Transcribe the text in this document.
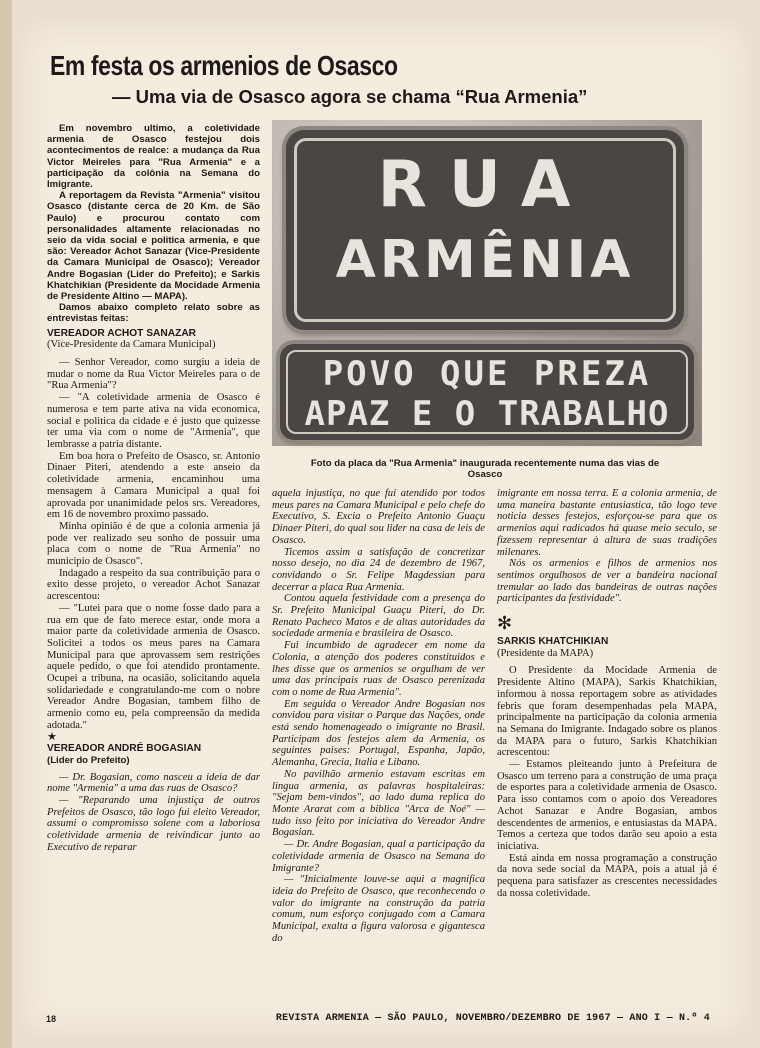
Em festa os armenios de Osasco
— Uma via de Osasco agora se chama “Rua Armenia”
RUA
ARMÊNIA
POVO QUE PREZA
APAZ E O TRABALHO

Foto da placa da "Rua Armenia" inaugurada recentemente numa das vias de Osasco

Em novembro ultimo, a coletividade armenia de Osasco festejou dois acontecimentos de realce: a mudança da Rua Victor Meireles para "Rua Armenia" e a participação da colônia na Semana do Imigrante.

A reportagem da Revista "Armenia" visitou Osasco (distante cerca de 20 Km. de São Paulo) e procurou contato com personalidades altamente relacionadas no seio da vida social e politica armenia, e que são: Vereador Achot Sanazar (Vice-Presidente da Camara Municipal de Osasco); Vereador Andre Bogasian (Lider do Prefeito); e Sarkis Khatchikian (Presidente da Mocidade Armenia de Presidente Altino — MAPA).

Damos abaixo completo relato sobre as entrevistas feitas:

VEREADOR ACHOT SANAZAR

(Vice-Presidente da Camara Municipal)

— Senhor Vereador, como surgiu a ideia de mudar o nome da Rua Victor Meireles para o de "Rua Armenia"?

— "A coletividade armenia de Osasco é numerosa e tem parte ativa na vida economica, social e politica da cidade e é justo que quizesse ter uma via com o nome de "Armenia", que lembrasse a patria distante.

Em boa hora o Prefeito de Osasco, sr. Antonio Dinaer Piteri, atendendo a este anseio da coletividade armenia, encaminhou uma mensagem à Camara Municipal a qual foi aprovada por unanimidade pelos srs. Vereadores, em 16 de novembro proximo passado.

Minha opinião é de que a colonia armenia já pode ver realizado seu sonho de possuir uma placa com o nome de "Rua Armenia" no municipio de Osasco".

Indagado a respeito da sua contribuição para o exito desse projeto, o vereador Achot Sanazar acrescentou:

— "Lutei para que o nome fosse dado para a rua em que de fato merece estar, onde mora a maior parte da coletividade armenia de Osasco. Solicitei a todos os meus pares na Camara Municipal para que aprovassem sem restrições aquele pedido, o que foi atendido prontamente. Ocupei a tribuna, na ocasião, solicitando aquela solidariedade e congratulando-me com o nobre Vereador Andre Bogasian, tambem filho de armenio como eu, pela compreensão da medida adotada."

★

VEREADOR ANDRÉ BOGASIAN

(Lider do Prefeito)

— Dr. Bogasian, como nasceu a ideia de dar nome "Armenia" a uma das ruas de Osasco?

— "Reparando uma injustiça de outros Prefeitos de Osasco, tão logo fui eleito Vereador, assumi o compromisso solene com a laboriosa coletividade armenia de reivindicar junto ao Executivo de reparar

aquela injustiça, no que fui atendido por todos meus pares na Camara Municipal e pelo chefe do Executivo, S. Excia o Prefeito Antonio Guaçu Dinaer Piteri, do qual sou lider na casa de leis de Osasco.

Ticemos assim a satisfação de concretizar nosso desejo, no dia 24 de dezembro de 1967, convidando o Sr. Felipe Magdessian para decerrar a placa Rua Armenia.

Contou aquela festividade com a presença do Sr. Prefeito Municipal Guaçu Piteri, do Dr. Renato Pacheco Matos e de altas autoridades da sociedade armenia e brasileira de Osasco.

Fui incumbido de agradecer em nome da Colonia, a atenção dos poderes constituidos e lhes disse que os armenios se orgulham de ver uma das principais ruas de Osasco perenizada com o nome de Rua Armenia".

Em seguida o Vereador Andre Bogasian nos convidou para visitar o Parque das Nações, onde está sendo homenageado o imigrante no Brasil. Participam dos festejos alem da Armenia, os seguintes paises: Portugal, Espanha, Japão, Alemanha, Grecia, Italia e Libano.

No pavilhão armenio estavam escritas em lingua armenia, as palavras hospitaleiras: "Sejam bem-vindos", ao lado duma replica do Monte Ararat com a biblica "Arca de Noé" — tudo isso feito por iniciativa do Vereador Andre Bogasian.

— Dr. Andre Bogasian, qual a participação da coletividade armenia de Osasco na Semana do Imigrante?

— "Inicialmente louve-se aqui a magnifica ideia do Prefeito de Osasco, que reconhecendo o valor do imigrante na construção da patria comum, num esforço conjugado com a Camara Municipal, exalta a figura valorosa e gigantesca do

imigrante em nossa terra. E a colonia armenia, de uma maneira bastante entusiastica, tão logo teve noticia desses festejos, esforçou-se para que os armenios aqui radicados há quase meio seculo, se fizessem representar à altura de suas tradições milenares.

Nós os armenios e filhos de armenios nos sentimos orgulhosos de ver a bandeira nacional tremular ao lado das bandeiras de outras nações participantes da festividade".

✻

SARKIS KHATCHIKIAN

(Presidente da MAPA)

O Presidente da Mocidade Armenia de Presidente Altino (MAPA), Sarkis Khatchikian, informou à nossa reportagem sobre as atividades febris que foram desempenhadas pela MAPA, principalmente na participação da colonia armenia na Semana do Imigrante. Indagado sobre os planos da MAPA para o futuro, Sarkis Khatchikian acrescentou:

— Estamos pleiteando junto à Prefeitura de Osasco um terreno para a construção de uma praça de esportes para a coletividade armenia de Osasco. Para isso contamos com o apoio dos Vereadores Achot Sanazar e Andre Bogasian, ambos descendentes de armenios, e entusiastas da MAPA. Temos a certeza que todos darão seu apoio a esta iniciativa.

Está ainda em nossa programação a construção da nova sede social da MAPA, pois a atual já é pequena para satisfazer as crescentes necessidades da nossa coletividade.

18	REVISTA ARMENIA — SÃO PAULO, NOVEMBRO/DEZEMBRO DE 1967 — ANO I — N.º 4
